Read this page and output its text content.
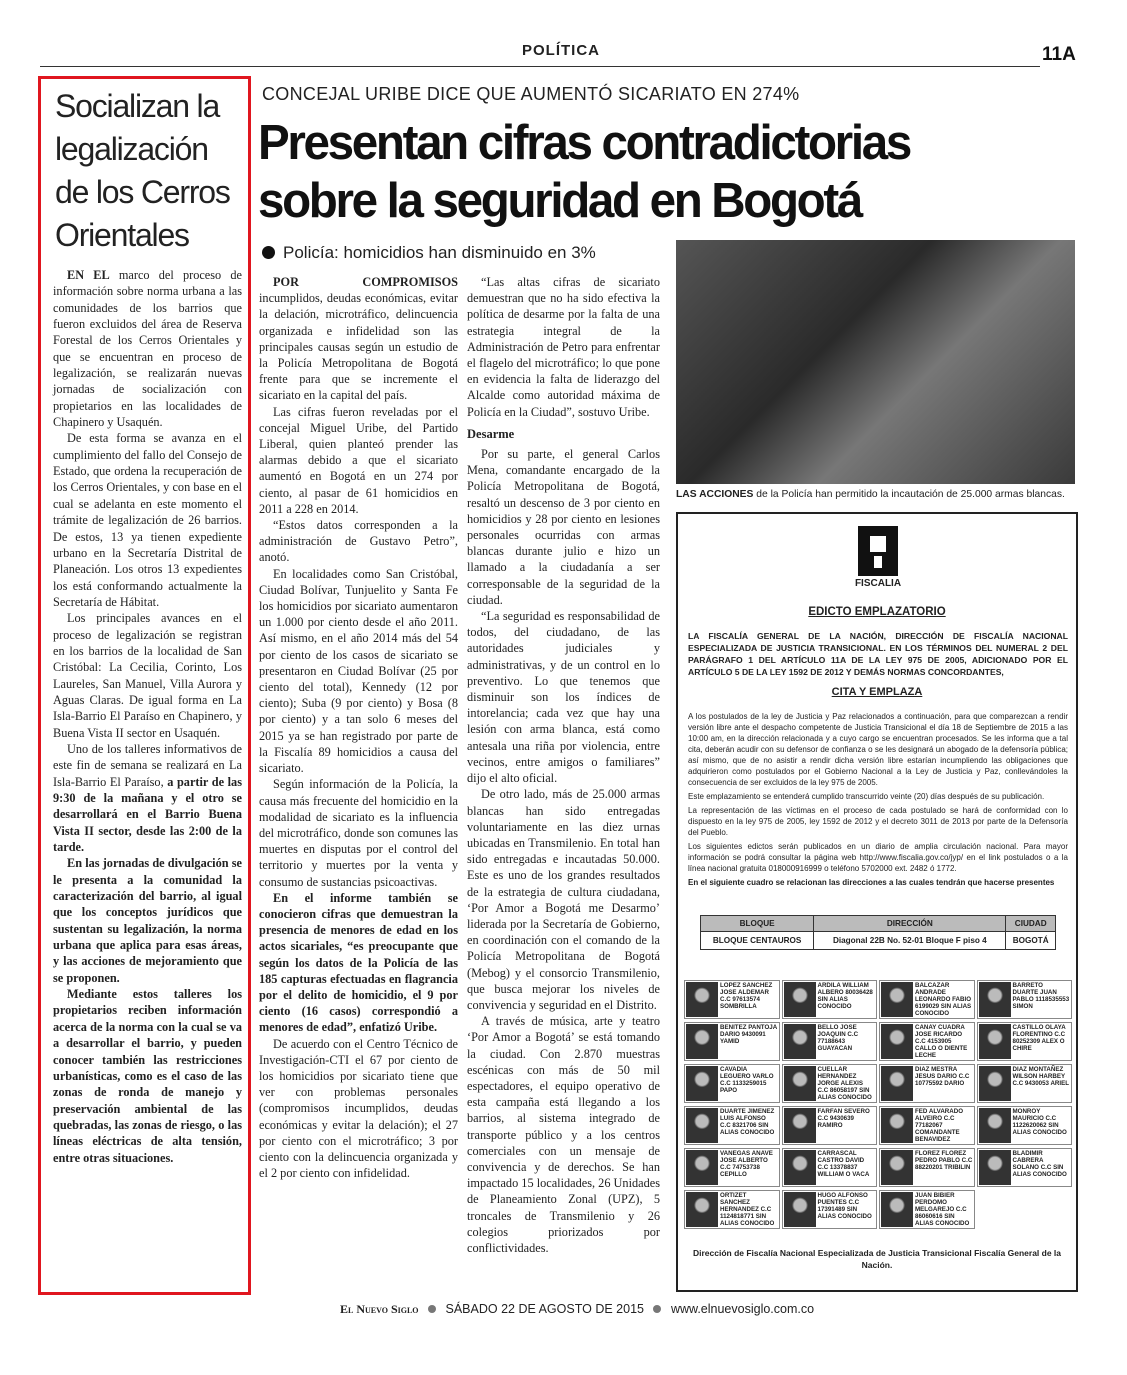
POLÍTICA	11A
Socializan la legalización de los Cerros Orientales

EN EL marco del proceso de información sobre norma urbana a las comunidades de los barrios que fueron excluidos del área de Reserva Forestal de los Cerros Orientales y que se encuentran en proceso de legalización, se realizarán nuevas jornadas de socialización con propietarios en las localidades de Chapinero y Usaquén.

De esta forma se avanza en el cumplimiento del fallo del Consejo de Estado, que ordena la recuperación de los Cerros Orientales, y con base en el cual se adelanta en este momento el trámite de legalización de 26 barrios. De estos, 13 ya tienen expediente urbano en la Secretaría Distrital de Planeación. Los otros 13 expedientes los está conformando actualmente la Secretaría de Hábitat.

Los principales avances en el proceso de legalización se registran en los barrios de la localidad de San Cristóbal: La Cecilia, Corinto, Los Laureles, San Manuel, Villa Aurora y Aguas Claras. De igual forma en La Isla-Barrio El Paraíso en Chapinero, y Buena Vista II sector en Usaquén.

Uno de los talleres informativos de este fin de semana se realizará en La Isla-Barrio El Paraíso, a partir de las 9:30 de la mañana y el otro se desarrollará en el Barrio Buena Vista II sector, desde las 2:00 de la tarde.

En las jornadas de divulgación se le presenta a la comunidad la caracterización del barrio, al igual que los conceptos jurídicos que sustentan su legalización, la norma urbana que aplica para esas áreas, y las acciones de mejoramiento que se proponen.

Mediante estos talleres los propietarios reciben información acerca de la norma con la cual se va a desarrollar el barrio, y pueden conocer también las restricciones urbanísticas, como es el caso de las zonas de ronda de manejo y preservación ambiental de las quebradas, las zonas de riesgo, o las líneas eléctricas de alta tensión, entre otras situaciones.

CONCEJAL URIBE DICE QUE AUMENTÓ SICARIATO EN 274%
Presentan cifras contradictorias sobre la seguridad en Bogotá
Policía: homicidios han disminuido en 3%

POR COMPROMISOS incumplidos, deudas económicas, evitar la delación, microtráfico, delincuencia organizada e infidelidad son las principales causas según un estudio de la Policía Metropolitana de Bogotá frente para que se incremente el sicariato en la capital del país.

Las cifras fueron reveladas por el concejal Miguel Uribe, del Partido Liberal, quien planteó prender las alarmas debido a que el sicariato aumentó en Bogotá en un 274 por ciento, al pasar de 61 homicidios en 2011 a 228 en 2014.

“Estos datos corresponden a la administración de Gustavo Petro”, anotó.

En localidades como San Cristóbal, Ciudad Bolívar, Tunjuelito y Santa Fe los homicidios por sicariato aumentaron un 1.000 por ciento desde el año 2011. Así mismo, en el año 2014 más del 54 por ciento de los casos de sicariato se presentaron en Ciudad Bolívar (25 por ciento del total), Kennedy (12 por ciento); Suba (9 por ciento) y Bosa (8 por ciento) y a tan solo 6 meses del 2015 ya se han registrado por parte de la Fiscalía 89 homicidios a causa del sicariato.

Según información de la Policía, la causa más frecuente del homicidio en la modalidad de sicariato es la influencia del microtráfico, donde son comunes las muertes en disputas por el control del territorio y muertes por la venta y consumo de sustancias psicoactivas.

En el informe también se conocieron cifras que demuestran la presencia de menores de edad en los actos sicariales, “es preocupante que según los datos de la Policía de las 185 capturas efectuadas en flagrancia por el delito de homicidio, el 9 por ciento (16 casos) correspondió a menores de edad”, enfatizó Uribe.

De acuerdo con el Centro Técnico de Investigación-CTI el 67 por ciento de los homicidios por sicariato tiene que ver con problemas personales (compromisos incumplidos, deudas económicas y evitar la delación); el 27 por ciento con el microtráfico; 3 por ciento con la delincuencia organizada y el 2 por ciento con infidelidad.

“Las altas cifras de sicariato demuestran que no ha sido efectiva la política de desarme por la falta de una estrategia integral de la Administración de Petro para enfrentar el flagelo del microtráfico; lo que pone en evidencia la falta de liderazgo del Alcalde como autoridad máxima de Policía en la Ciudad”, sostuvo Uribe.

Desarme

Por su parte, el general Carlos Mena, comandante encargado de la Policía Metropolitana de Bogotá, resaltó un descenso de 3 por ciento en homicidios y 28 por ciento en lesiones personales ocurridas con armas blancas durante julio e hizo un llamado a la ciudadanía a ser corresponsable de la seguridad de la ciudad.

“La seguridad es responsabilidad de todos, del ciudadano, de las autoridades judiciales y administrativas, y de un control en lo preventivo. Lo que tenemos que disminuir son los índices de intorelancia; cada vez que hay una lesión con arma blanca, está como antesala una riña por violencia, entre vecinos, entre amigos o familiares” dijo el alto oficial.

De otro lado, más de 25.000 armas blancas han sido entregadas voluntariamente en las diez urnas ubicadas en Transmilenio. En total han sido entregadas e incautadas 50.000. Este es uno de los grandes resultados de la estrategia de cultura ciudadana, ‘Por Amor a Bogotá me Desarmo’ liderada por la Secretaría de Gobierno, en coordinación con el comando de la Policía Metropolitana de Bogotá (Mebog) y el consorcio Transmilenio, que busca mejorar los niveles de convivencia y seguridad en el Distrito.

A través de música, arte y teatro ‘Por Amor a Bogotá’ se está tomando la ciudad. Con 2.870 muestras escénicas con más de 50 mil espectadores, el equipo operativo de esta campaña está llegando a los barrios, al sistema integrado de transporte público y a los centros comerciales con un mensaje de convivencia y de derechos. Se han impactado 15 localidades, 26 Unidades de Planeamiento Zonal (UPZ), 5 troncales de Transmilenio y 26 colegios priorizados por conflictividades.

LAS ACCIONES de la Policía han permitido la incautación de 25.000 armas blancas.
FISCALIA
EDICTO EMPLAZATORIO
LA FISCALÍA GENERAL DE LA NACIÓN, DIRECCIÓN DE FISCALÍA NACIONAL ESPECIALIZADA DE JUSTICIA TRANSICIONAL. EN LOS TÉRMINOS DEL NUMERAL 2 DEL PARÁGRAFO 1 DEL ARTÍCULO 11A DE LA LEY 975 DE 2005, ADICIONADO POR EL ARTÍCULO 5 DE LA LEY 1592 DE 2012 Y DEMÁS NORMAS CONCORDANTES,
CITA Y EMPLAZA

A los postulados de la ley de Justicia y Paz relacionados a continuación, para que comparezcan a rendir versión libre ante el despacho competente de Justicia Transicional el día 18 de Septiembre de 2015 a las 10:00 am, en la dirección relacionada y a cuyo cargo se encuentran procesados. Se les informa que a tal cita, deberán acudir con su defensor de confianza o se les designará un abogado de la defensoría pública; así mismo, que de no asistir a rendir dicha versión libre estarían incumpliendo las obligaciones que adquirieron como postulados por el Gobierno Nacional a la Ley de Justicia y Paz, conllevándoles la consecuencia de ser excluidos de la ley 975 de 2005.

Este emplazamiento se entenderá cumplido transcurrido veinte (20) días después de su publicación.

La representación de las víctimas en el proceso de cada postulado se hará de conformidad con lo dispuesto en la ley 975 de 2005, ley 1592 de 2012 y el decreto 3011 de 2013 por parte de la Defensoría del Pueblo.

Los siguientes edictos serán publicados en un diario de amplia circulación nacional. Para mayor información se podrá consultar la página web http://www.fiscalia.gov.co/jyp/ en el link postulados o a la línea nacional gratuita 018000916999 o teléfono 5702000 ext. 2482 ó 1772.

En el siguiente cuadro se relacionan las direcciones a las cuales tendrán que hacerse presentes

BLOQUE	DIRECCIÓN	CIUDAD
BLOQUE CENTAUROS	Diagonal 22B No. 52-01 Bloque F piso 4	BOGOTÁ
LOPEZ SANCHEZ JOSE ALDEMAR C.C 97613574 SOMBRILLA
ARDILA WILLIAM ALBERO 80036428 SIN ALIAS CONOCIDO
BALCAZAR ANDRADE LEONARDO FABIO 6199029 SIN ALIAS CONOCIDO
BARRETO DUARTE JUAN PABLO 1118535553 SIMON
BENITEZ PANTOJA DARIO 9430091 YAMID
BELLO JOSE JOAQUIN C.C 77188643 GUAYACAN
CANAY CUADRA JOSE RICARDO C.C 4153905 CALLO O DIENTE LECHE
CASTILLO OLAYA FLORENTINO C.C 80252309 ALEX O CHIRE
CAVADIA LEGUERO VARLO C.C 1133259015 PAPO
CUELLAR HERNANDEZ JORGE ALEXIS C.C 86058197 SIN ALIAS CONOCIDO
DIAZ MESTRA JESUS DARIO C.C 10775592 DARIO
DIAZ MONTAÑEZ WILSON HARBEY C.C 9430053 ARIEL
DUARTE JIMENEZ LUIS ALFONSO C.C 8321706 SIN ALIAS CONOCIDO
FARFAN SEVERO C.C 9430639 RAMIRO
FED ALVARADO ALVEIRO C.C 77182067 COMANDANTE BENAVIDEZ
MONROY MAURICIO C.C 1122620062 SIN ALIAS CONOCIDO
VANEGAS ANAVE JOSE ALBERTO C.C 74753738 CEPILLO
CARRASCAL CASTRO DAVID C.C 13378837 WILLIAM O VACA
FLOREZ FLOREZ PEDRO PABLO C.C 88220201 TRIBILIN
BLADIMIR CABRERA SOLANO C.C SIN ALIAS CONOCIDO
ORTIZET SANCHEZ HERNANDEZ C.C 1124818771 SIN ALIAS CONOCIDO
HUGO ALFONSO PUENTES C.C 17391489 SIN ALIAS CONOCIDO
JUAN BIBIER PERDOMO MELGAREJO C.C 86060616 SIN ALIAS CONOCIDO
Dirección de Fiscalía Nacional Especializada de Justicia Transicional Fiscalía General de la Nación.
El Nuevo Siglo SÁBADO 22 DE AGOSTO DE 2015 www.elnuevosiglo.com.co
